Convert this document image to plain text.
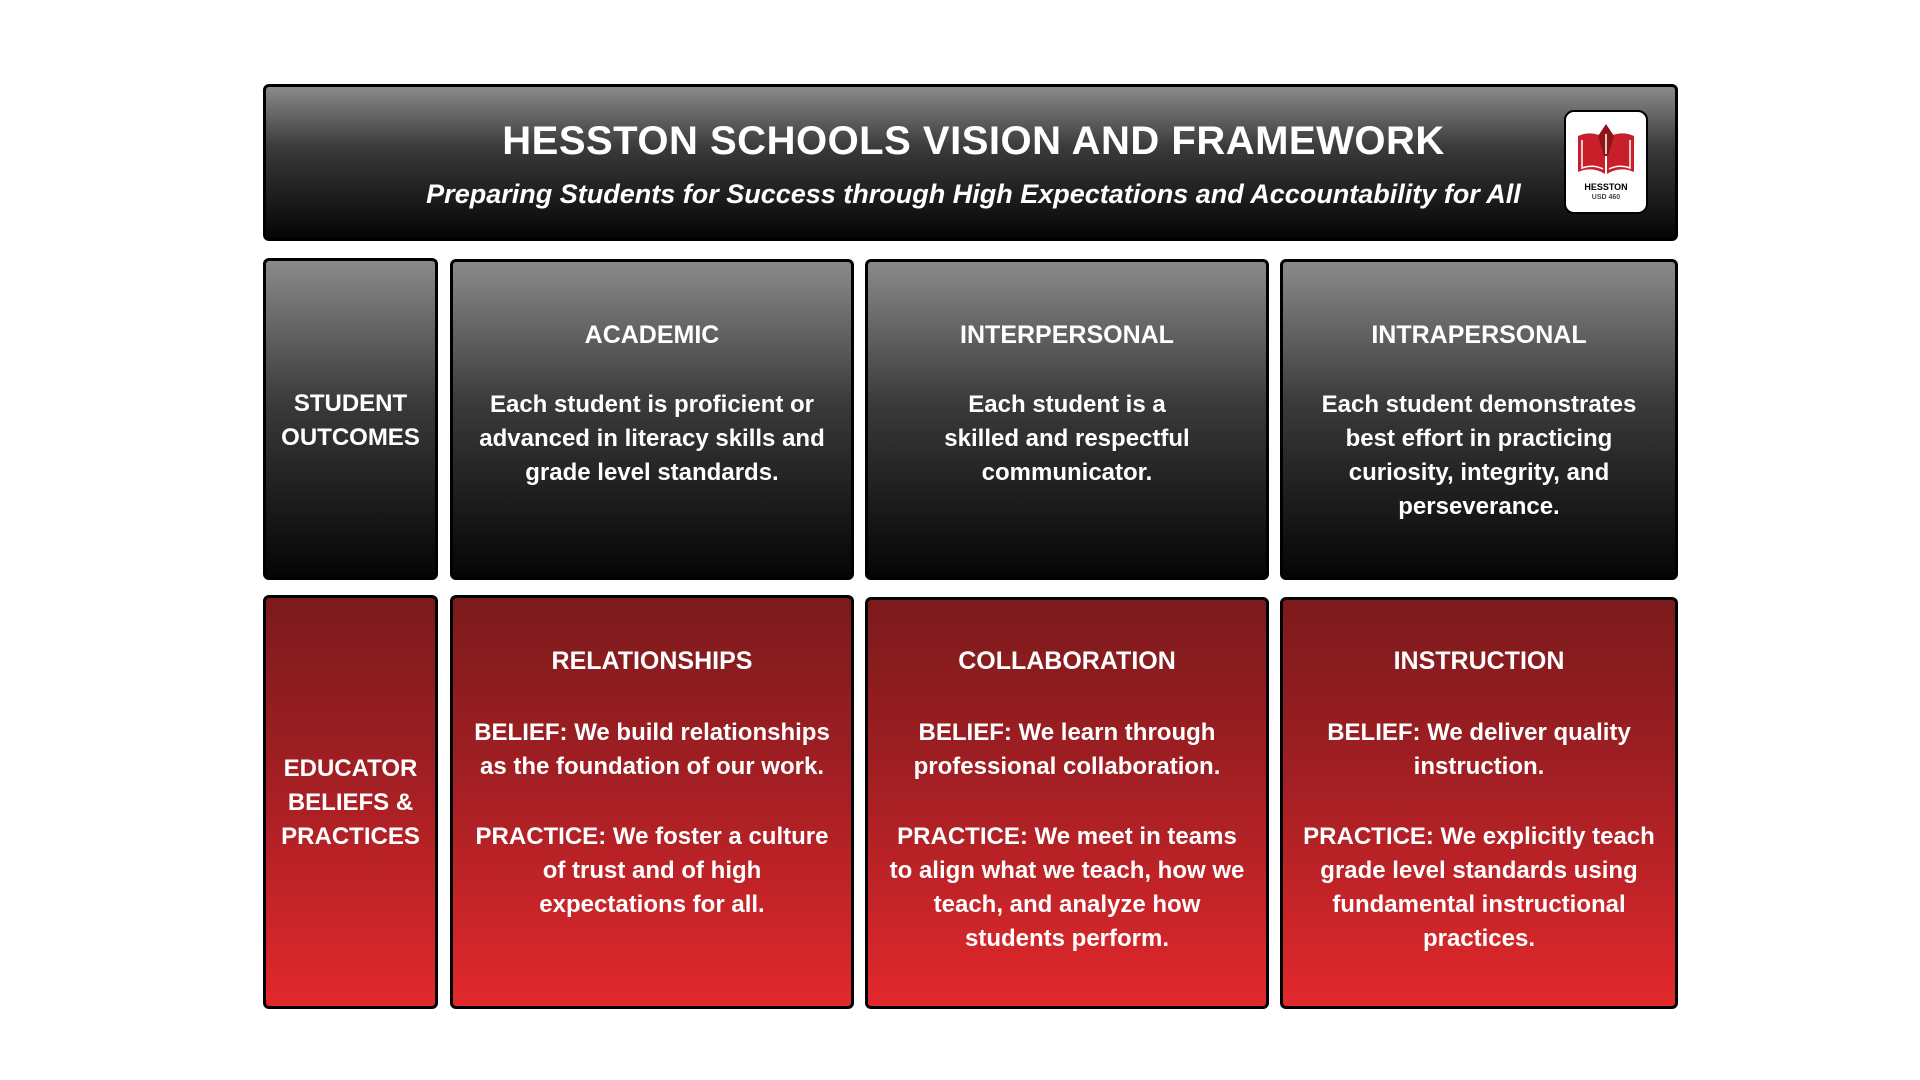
HESSTON SCHOOLS VISION AND FRAMEWORK
Preparing Students for Success through High Expectations and Accountability for All	HESSTON
USD 460
STUDENT
OUTCOMES
ACADEMIC
Each student is proficient or
advanced in literacy skills and
grade level standards.
INTERPERSONAL
Each student is a
skilled and respectful
communicator.
INTRAPERSONAL
Each student demonstrates
best effort in practicing
curiosity, integrity, and
perseverance.
EDUCATOR
BELIEFS &
PRACTICES
RELATIONSHIPS
BELIEF: We build relationships
as the foundation of our work.
PRACTICE: We foster a culture
of trust and of high
expectations for all.
COLLABORATION
BELIEF: We learn through
professional collaboration.
PRACTICE: We meet in teams
to align what we teach, how we
teach, and analyze how
students perform.
INSTRUCTION
BELIEF: We deliver quality
instruction.
PRACTICE: We explicitly teach
grade level standards using
fundamental instructional
practices.
